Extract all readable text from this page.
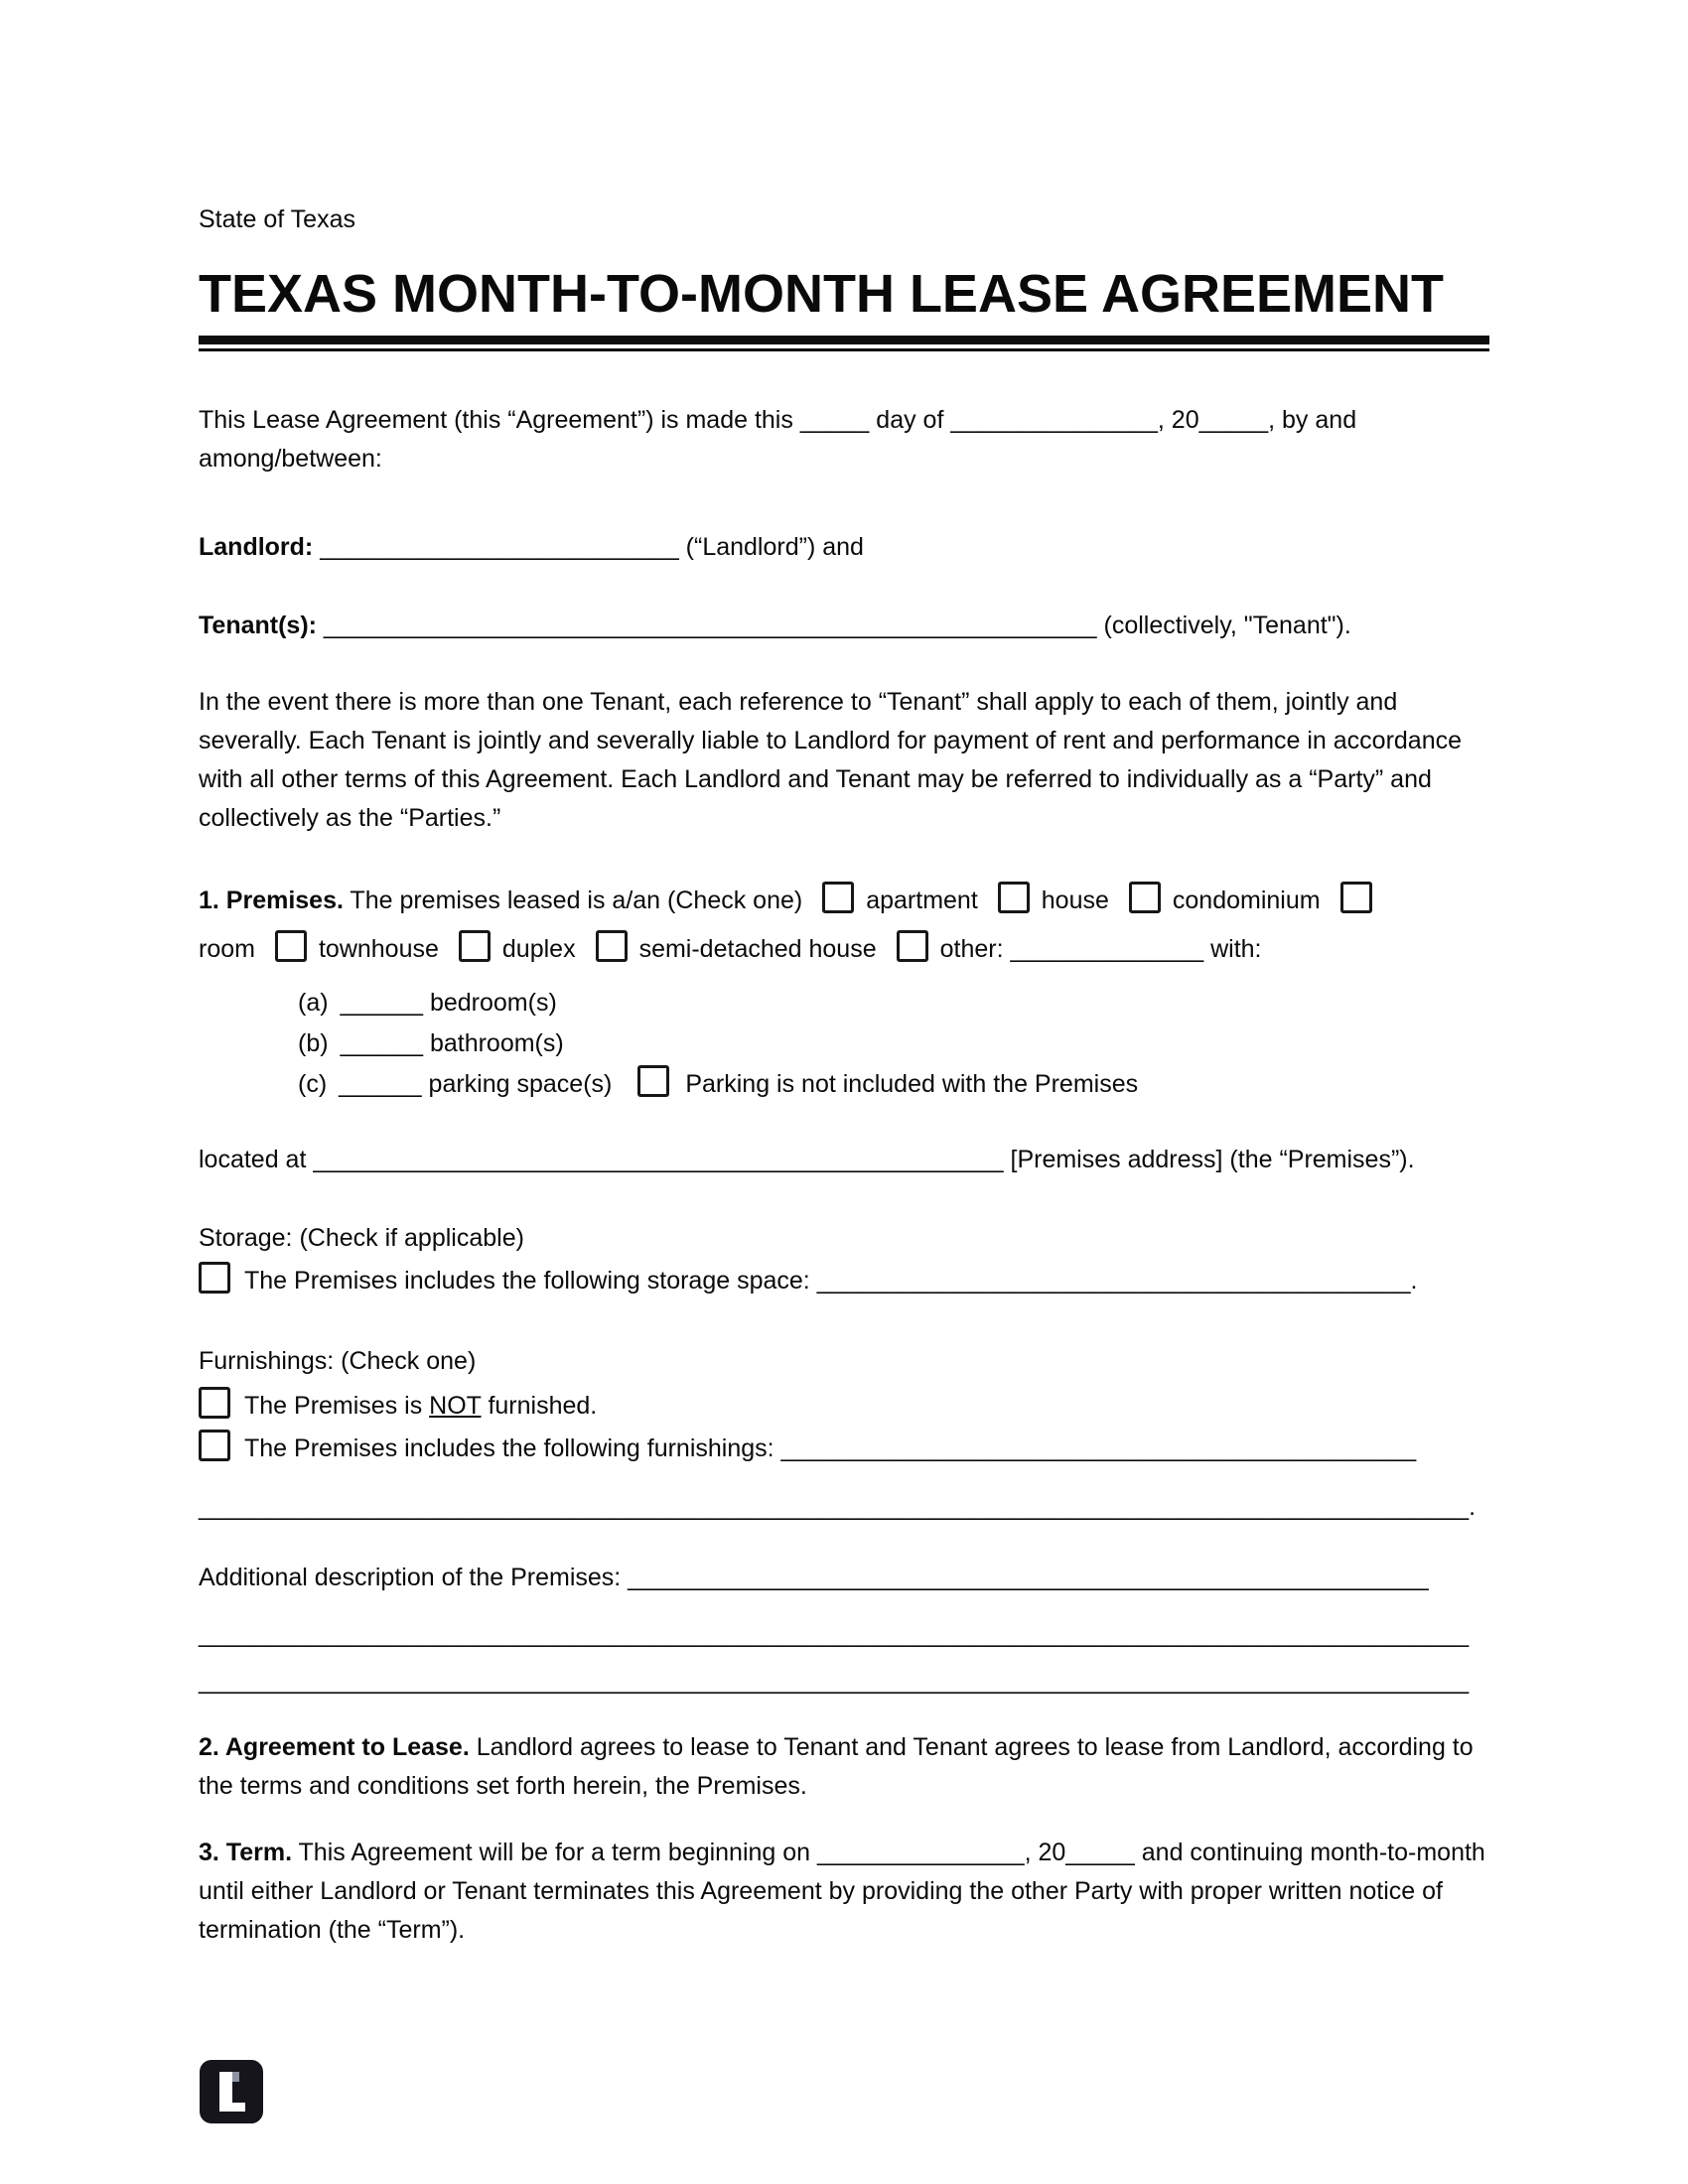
State of Texas

TEXAS MONTH-TO-MONTH LEASE AGREEMENT

This Lease Agreement (this “Agreement”) is made this _____ day of _______________, 20_____, by and among/between:

Landlord: __________________________ (“Landlord”) and

Tenant(s): ________________________________________________________ (collectively, "Tenant").

In the event there is more than one Tenant, each reference to “Tenant” shall apply to each of them, jointly and severally. Each Tenant is jointly and severally liable to Landlord for payment of rent and performance in accordance with all other terms of this Agreement. Each Landlord and Tenant may be referred to individually as a “Party” and collectively as the “Parties.”

1. Premises. The premises leased is a/an (Check one)	apartment	house	condominium

room	townhouse	duplex	semi-detached house	other: ______________ with:

(a) ______ bedroom(s)
(b) ______ bathroom(s)
(c) ______ parking space(s)	Parking is not included with the Premises

located at __________________________________________________ [Premises address] (the “Premises”).

Storage: (Check if applicable)

The Premises includes the following storage space: ___________________________________________.

Furnishings: (Check one)

The Premises is NOT furnished.

The Premises includes the following furnishings: ______________________________________________

____________________________________________________________________________________________.

Additional description of the Premises: __________________________________________________________

____________________________________________________________________________________________

____________________________________________________________________________________________

2. Agreement to Lease. Landlord agrees to lease to Tenant and Tenant agrees to lease from Landlord, according to the terms and conditions set forth herein, the Premises.

3. Term. This Agreement will be for a term beginning on _______________, 20_____ and continuing month-to-month until either Landlord or Tenant terminates this Agreement by providing the other Party with proper written notice of termination (the “Term”).
